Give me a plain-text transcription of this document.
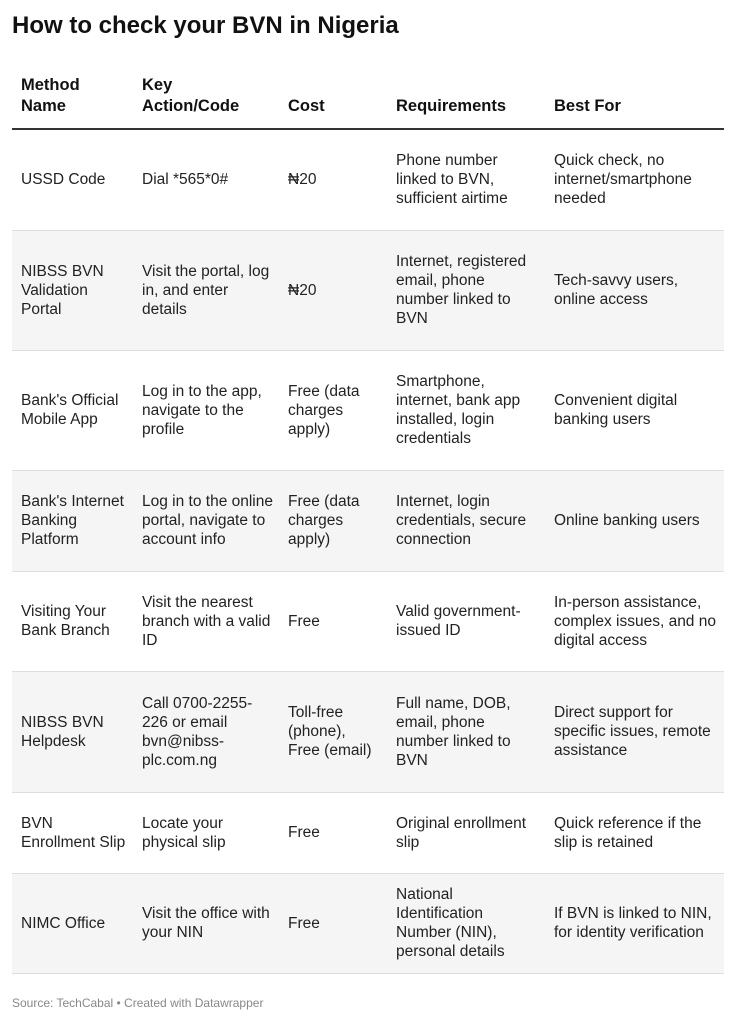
How to check your BVN in Nigeria
Method Name	Key Action/Code	Cost	Requirements	Best For
USSD Code	Dial *565*0#	₦20	Phone number linked to BVN, sufficient airtime	Quick check, no internet/smartphone needed
NIBSS BVN Validation Portal	Visit the portal, log in, and enter details	₦20	Internet, registered email, phone number linked to BVN	Tech-savvy users, online access
Bank's Official Mobile App	Log in to the app, navigate to the profile	Free (data charges apply)	Smartphone, internet, bank app installed, login credentials	Convenient digital banking users
Bank's Internet Banking Platform	Log in to the online portal, navigate to account info	Free (data charges apply)	Internet, login credentials, secure connection	Online banking users
Visiting Your Bank Branch	Visit the nearest branch with a valid ID	Free	Valid government-issued ID	In-person assistance, complex issues, and no digital access
NIBSS BVN Helpdesk	Call 0700-2255-226 or email bvn@nibss-plc.com.ng	Toll-free (phone), Free (email)	Full name, DOB, email, phone number linked to BVN	Direct support for specific issues, remote assistance
BVN Enrollment Slip	Locate your physical slip	Free	Original enrollment slip	Quick reference if the slip is retained
NIMC Office	Visit the office with your NIN	Free	National Identification Number (NIN), personal details	If BVN is linked to NIN, for identity verification
Source: TechCabal • Created with Datawrapper
